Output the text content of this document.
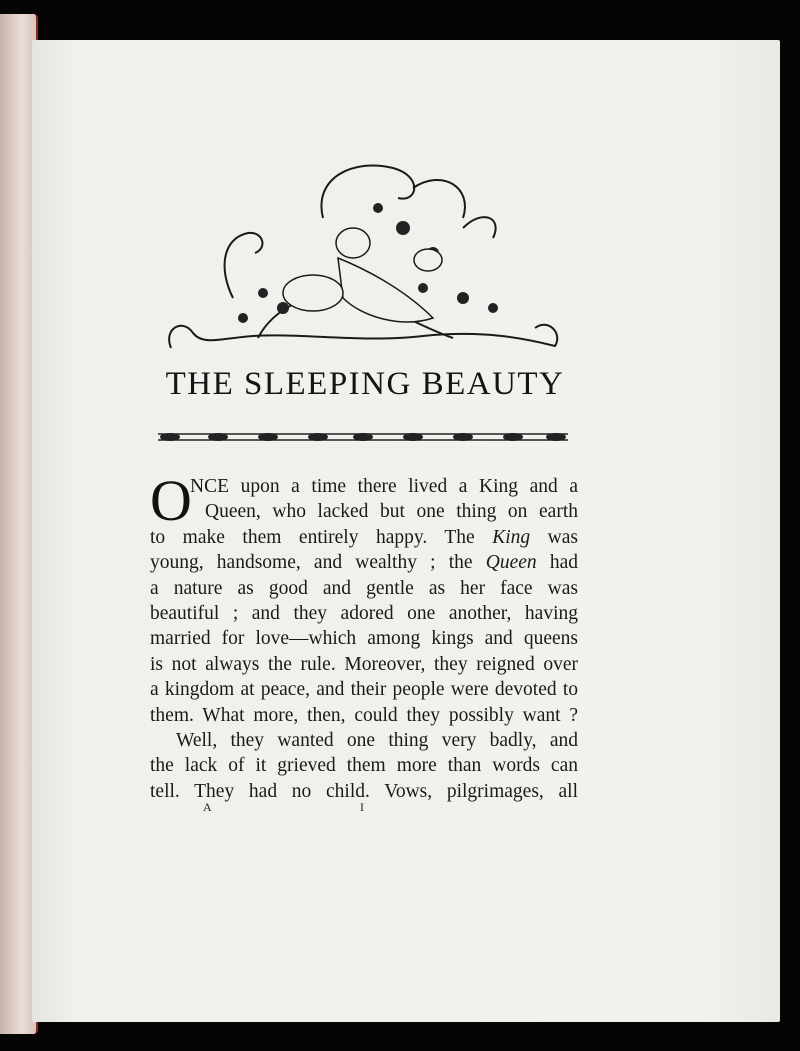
THE SLEEPING BEAUTY
O
NCE upon a time there lived a King and a
Queen, who lacked but one thing on earth
to make them entirely happy. The King was
young, handsome, and wealthy ; the Queen had
a nature as good and gentle as her face was
beautiful ; and they adored one another, having
married for love—which among kings and queens
is not always the rule. Moreover, they reigned over
a kingdom at peace, and their people were devoted to
them. What more, then, could they possibly want ?
Well, they wanted one thing very badly, and
the lack of it grieved them more than words can
tell. They had no child. Vows, pilgrimages, all
A	I
